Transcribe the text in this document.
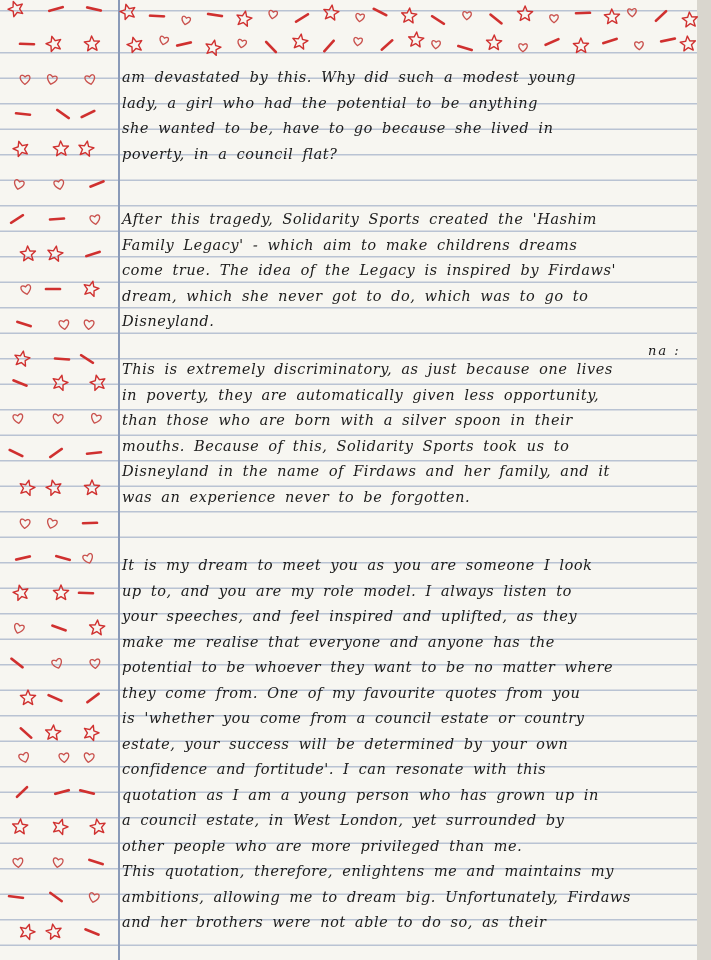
am devastated by this. Why did such a modest young
lady, a girl who had the potential to be anything
she wanted to be, have to go because she lived in
poverty, in a council flat?

After this tragedy, Solidarity Sports created the 'Hashim
Family Legacy' - which aim to make childrens dreams
come true. The idea of the Legacy is inspired by Firdaws'
dream, which she never got to do, which was to go to
Disneyland.

na :

This is extremely discriminatory, as just because one lives
in poverty, they are automatically given less opportunity,
than those who are born with a silver spoon in their
mouths. Because of this, Solidarity Sports took us to
Disneyland in the name of Firdaws and her family, and it
was an experience never to be forgotten.

It is my dream to meet you as you are someone I look
up to, and you are my role model. I always listen to
your speeches, and feel inspired and uplifted, as they
make me realise that everyone and anyone has the
potential to be whoever they want to be no matter where
they come from. One of my favourite quotes from you
is 'whether you come from a council estate or country
estate, your success will be determined by your own
confidence and fortitude'. I can resonate with this
quotation as I am a young person who has grown up in
a council estate, in West London, yet surrounded by
other people who are more privileged than me.
This quotation, therefore, enlightens me and maintains my
ambitions, allowing me to dream big. Unfortunately, Firdaws
and her brothers were not able to do so, as their
